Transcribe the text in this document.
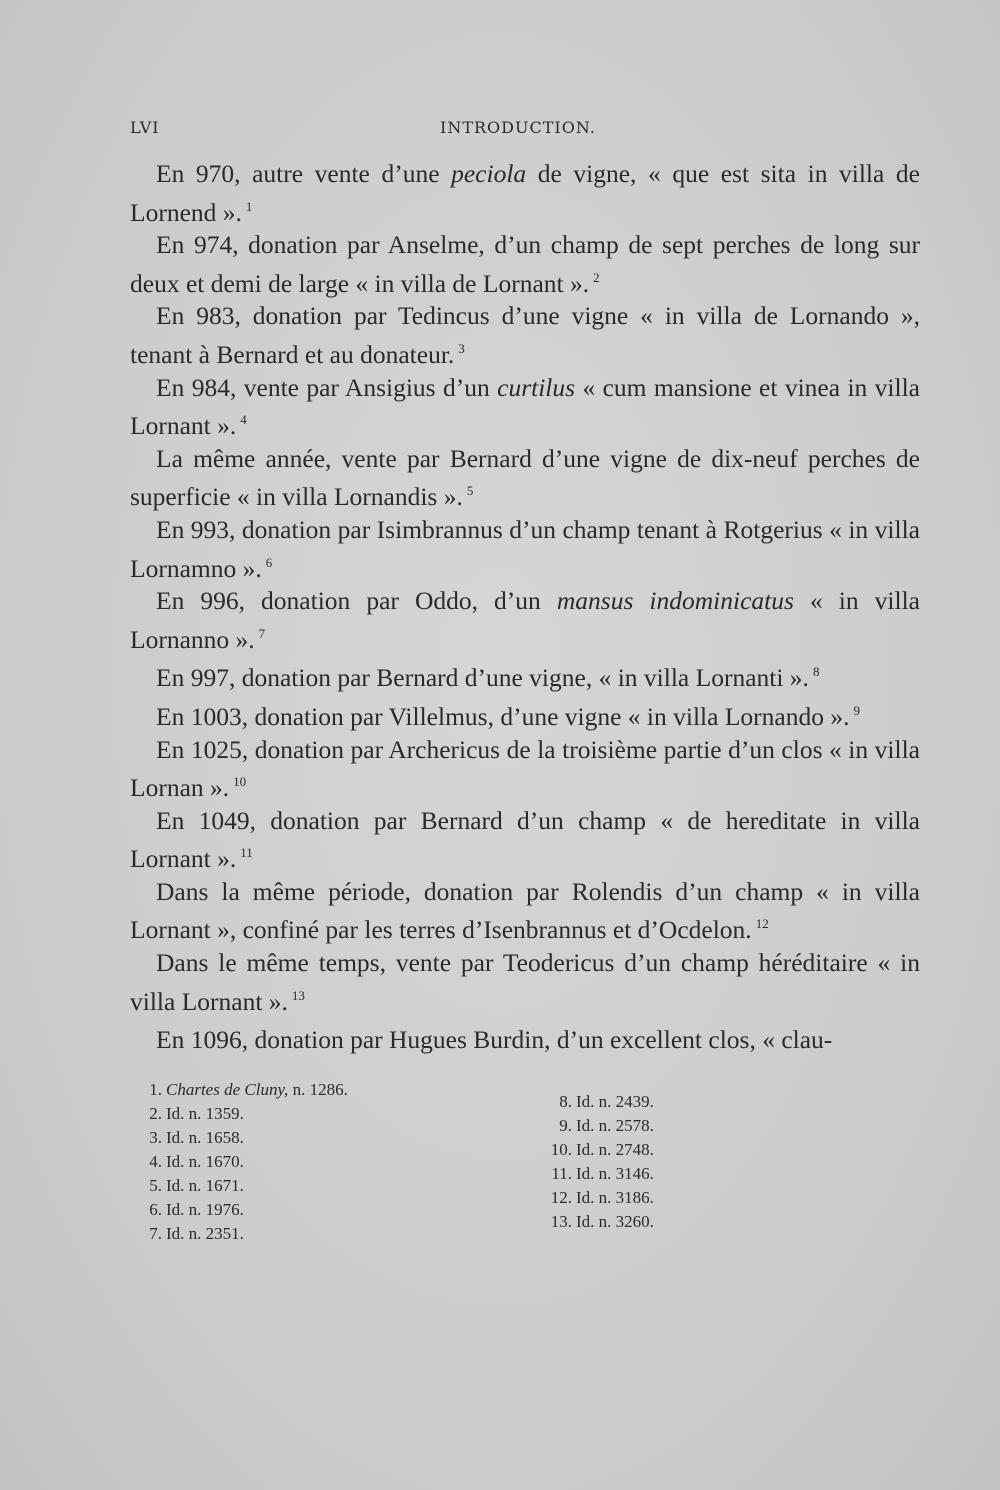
LVI	INTRODUCTION.

En 970, autre vente d’une peciola de vigne, « que est sita in villa de Lornend ». $^1$

En 974, donation par Anselme, d’un champ de sept perches de long sur deux et demi de large « in villa de Lornant ». $^2$

En 983, donation par Tedincus d’une vigne « in villa de Lornando », tenant à Bernard et au donateur. $^3$

En 984, vente par Ansigius d’un curtilus « cum mansione et vinea in villa Lornant ». $^4$

La même année, vente par Bernard d’une vigne de dix-neuf perches de superficie « in villa Lornandis ». $^5$

En 993, donation par Isimbrannus d’un champ tenant à Rotgerius « in villa Lornamno ». $^6$

En 996, donation par Oddo, d’un mansus indominicatus « in villa Lornanno ». $^7$

En 997, donation par Bernard d’une vigne, « in villa Lornanti ». $^8$

En 1003, donation par Villelmus, d’une vigne « in villa Lornando ». $^9$

En 1025, donation par Archericus de la troisième partie d’un clos « in villa Lornan ». $^{10}$

En 1049, donation par Bernard d’un champ « de hereditate in villa Lornant ». $^{11}$

Dans la même période, donation par Rolendis d’un champ « in villa Lornant », confiné par les terres d’Isenbrannus et d’Ocdelon. $^{12}$

Dans le même temps, vente par Teodericus d’un champ héréditaire « in villa Lornant ». $^{13}$

En 1096, donation par Hugues Burdin, d’un excellent clos, « clau-

1. Chartes de Cluny, n. 1286.
2. Id. n. 1359.
3. Id. n. 1658.
4. Id. n. 1670.
5. Id. n. 1671.
6. Id. n. 1976.
7. Id. n. 2351.
8. Id. n. 2439.
9. Id. n. 2578.
10. Id. n. 2748.
11. Id. n. 3146.
12. Id. n. 3186.
13. Id. n. 3260.
